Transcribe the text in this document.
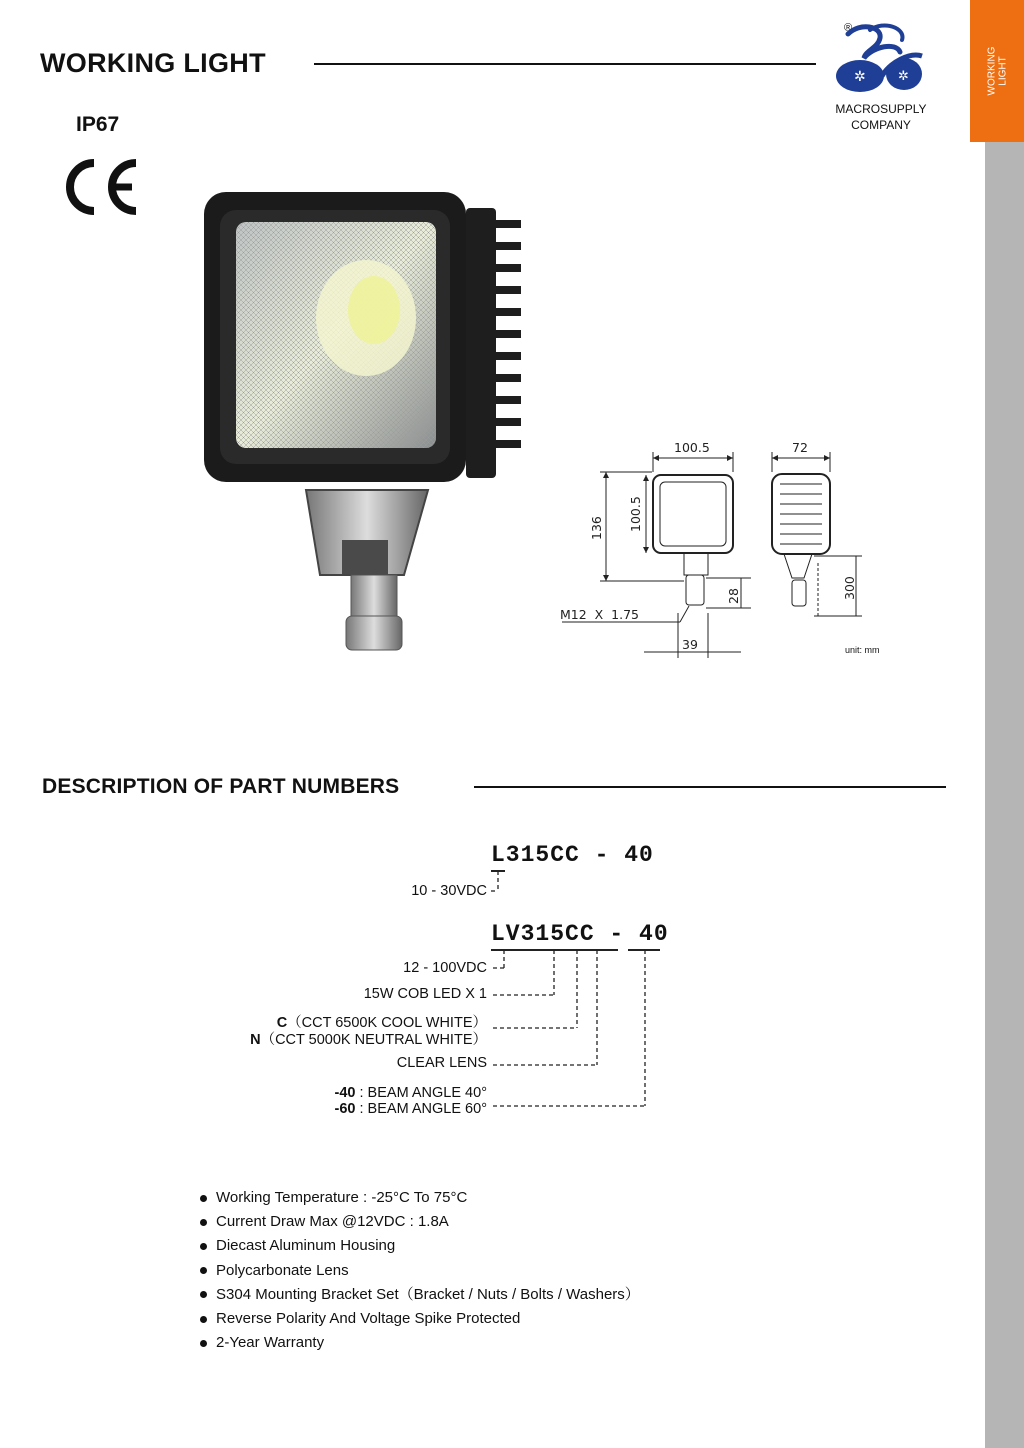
WORKING
LIGHT
WORKING LIGHT
IP67
®
✲ ✲
MACROSUPPLY
COMPANY
100.5	72
136 100.5
28	300
M12  X  1.75
39	unit: mm
DESCRIPTION OF PART NUMBERS
L315CC - 40
LV315CC - 40
10 - 30VDC
12 - 100VDC
15W COB LED X 1
C（CCT 6500K COOL WHITE）
N（CCT 5000K NEUTRAL WHITE）
CLEAR LENS
-40 : BEAM ANGLE 40°
-60 : BEAM ANGLE 60°
Working Temperature : -25°C To 75°C
Current Draw Max @12VDC : 1.8A
Diecast Aluminum Housing
Polycarbonate Lens
S304 Mounting Bracket Set（Bracket / Nuts / Bolts / Washers）
Reverse Polarity And Voltage Spike Protected
2-Year Warranty
